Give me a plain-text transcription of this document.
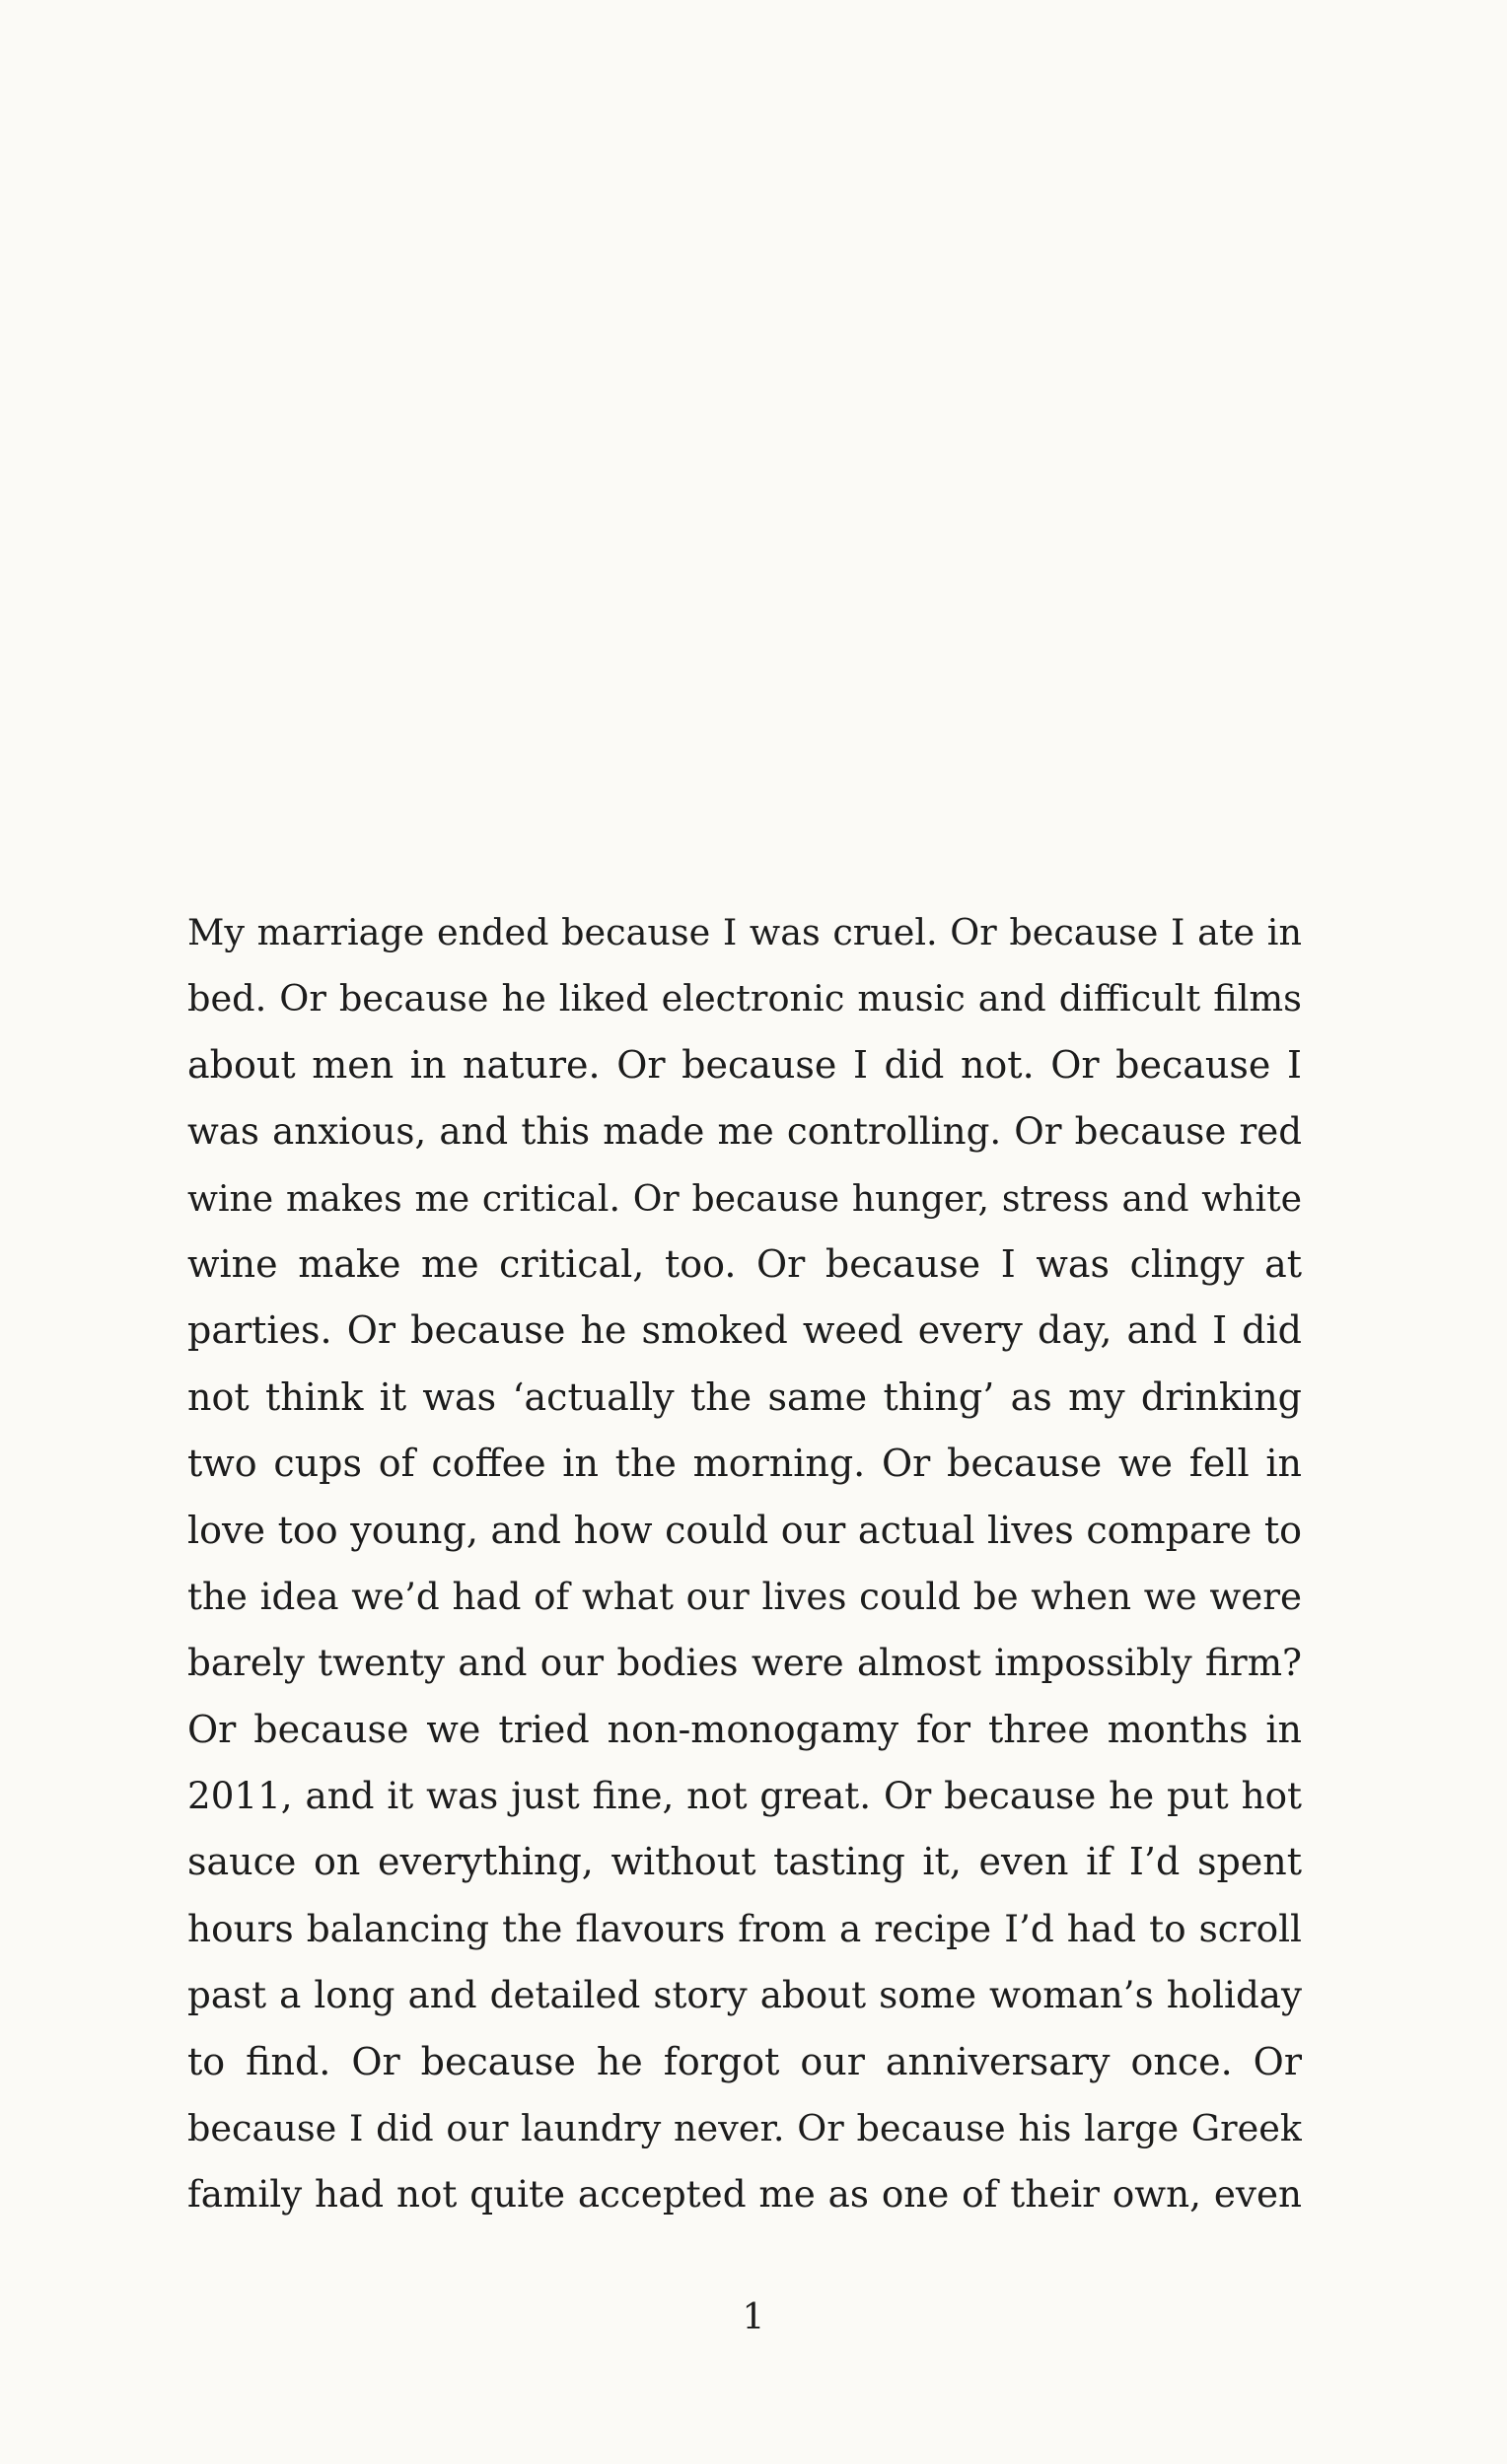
My marriage ended because I was cruel. Or because I ate in
bed. Or because he liked electronic music and difficult films
about men in nature. Or because I did not. Or because I
was anxious, and this made me controlling. Or because red
wine makes me critical. Or because hunger, stress and white
wine make me critical, too. Or because I was clingy at
parties. Or because he smoked weed every day, and I did
not think it was ‘actually the same thing’ as my drinking
two cups of coffee in the morning. Or because we fell in
love too young, and how could our actual lives compare to
the idea we’d had of what our lives could be when we were
barely twenty and our bodies were almost impossibly firm?
Or because we tried non-monogamy for three months in
2011, and it was just fine, not great. Or because he put hot
sauce on everything, without tasting it, even if I’d spent
hours balancing the flavours from a recipe I’d had to scroll
past a long and detailed story about some woman’s holiday
to find. Or because he forgot our anniversary once. Or
because I did our laundry never. Or because his large Greek
family had not quite accepted me as one of their own, even
1
